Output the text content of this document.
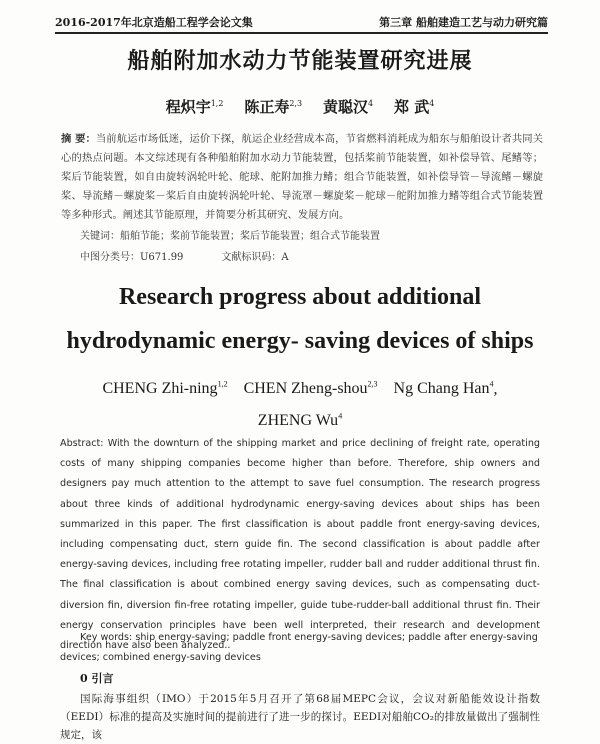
2016-2017年北京造船工程学会论文集	第三章 船舶建造工艺与动力研究篇
船舶附加水动力节能装置研究进展
程炽宇$^{1,2}$ 陈正寿$^{2,3}$ 黄聪汉$^4$ 郑 武$^4$
摘 要：当前航运市场低迷，运价下探，航运企业经营成本高，节省燃料消耗成为船东与船舶设计者共同关心的热点问题。本文综述现有各种船舶附加水动力节能装置，包括桨前节能装置，如补偿导管、尾鳍等；桨后节能装置，如自由旋转涡轮叶轮、舵球、舵附加推力鳍；组合节能装置，如补偿导管－导流鳍－螺旋桨、导流鳍－螺旋桨－桨后自由旋转涡轮叶轮、导流罩－螺旋桨－舵球－舵附加推力鳍等组合式节能装置等多种形式。阐述其节能原理，并简要分析其研究、发展方向。
关键词：船舶节能；桨前节能装置；桨后节能装置；组合式节能装置
中图分类号：U671.99	文献标识码：A
Research progress about additional
hydrodynamic energy- saving devices of ships
CHENG Zhi-ning$^{1,2}$ CHEN Zheng-shou$^{2,3}$ Ng Chang Han$^4$,
ZHENG Wu$^4$
Abstract: With the downturn of the shipping market and price declining of freight rate, operating costs of many shipping companies become higher than before. Therefore, ship owners and designers pay much attention to the attempt to save fuel consumption. The research progress about three kinds of additional hydrodynamic energy-saving devices about ships has been summarized in this paper. The first classification is about paddle front energy-saving devices, including compensating duct, stern guide fin. The second classification is about paddle after energy-saving devices, including free rotating impeller, rudder ball and rudder additional thrust fin. The final classification is about combined energy saving devices, such as compensating duct-diversion fin, diversion fin-free rotating impeller, guide tube-rudder-ball additional thrust fin. Their energy conservation principles have been well interpreted, their research and development direction have also been analyzed..
Key words: ship energy-saving; paddle front energy-saving devices; paddle after energy-saving
devices; combined energy-saving devices
0 引言
国际海事组织（IMO）于2015年5月召开了第68届MEPC会议，会议对新船能效设计指数（EEDI）标准的提高及实施时间的提前进行了进一步的探讨。EEDI对船舶CO₂的排放量做出了强制性规定，该
